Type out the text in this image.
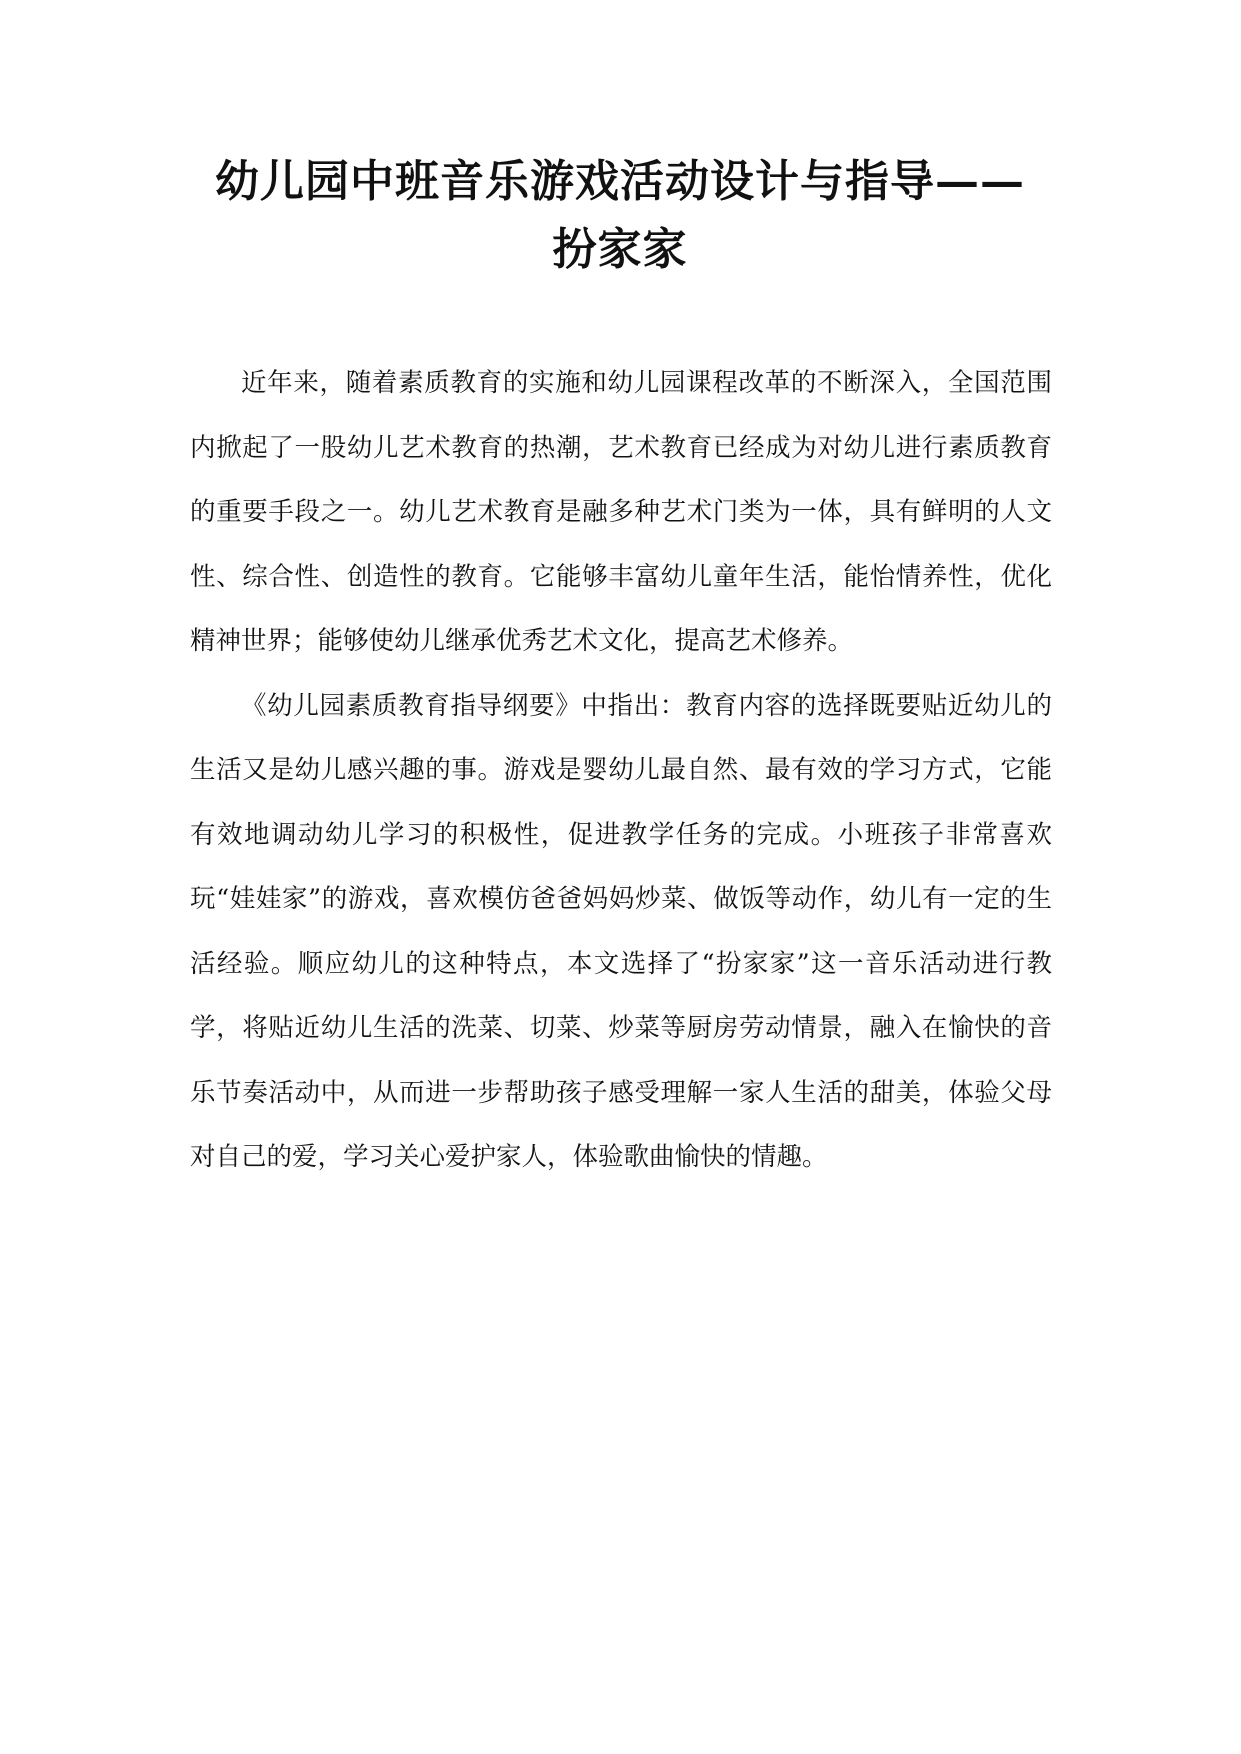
幼儿园中班音乐游戏活动设计与指导——
扮家家

近年来，随着素质教育的实施和幼儿园课程改革的不断深入，全国范围内掀起了一股幼儿艺术教育的热潮，艺术教育已经成为对幼儿进行素质教育的重要手段之一。幼儿艺术教育是融多种艺术门类为一体，具有鲜明的人文性、综合性、创造性的教育。它能够丰富幼儿童年生活，能怡情养性，优化精神世界；能够使幼儿继承优秀艺术文化，提高艺术修养。

《幼儿园素质教育指导纲要》中指出：教育内容的选择既要贴近幼儿的生活又是幼儿感兴趣的事。游戏是婴幼儿最自然、最有效的学习方式，它能有效地调动幼儿学习的积极性，促进教学任务的完成。小班孩子非常喜欢玩“娃娃家”的游戏，喜欢模仿爸爸妈妈炒菜、做饭等动作，幼儿有一定的生活经验。顺应幼儿的这种特点，本文选择了“扮家家”这一音乐活动进行教学，将贴近幼儿生活的洗菜、切菜、炒菜等厨房劳动情景，融入在愉快的音乐节奏活动中，从而进一步帮助孩子感受理解一家人生活的甜美，体验父母对自己的爱，学习关心爱护家人，体验歌曲愉快的情趣。
